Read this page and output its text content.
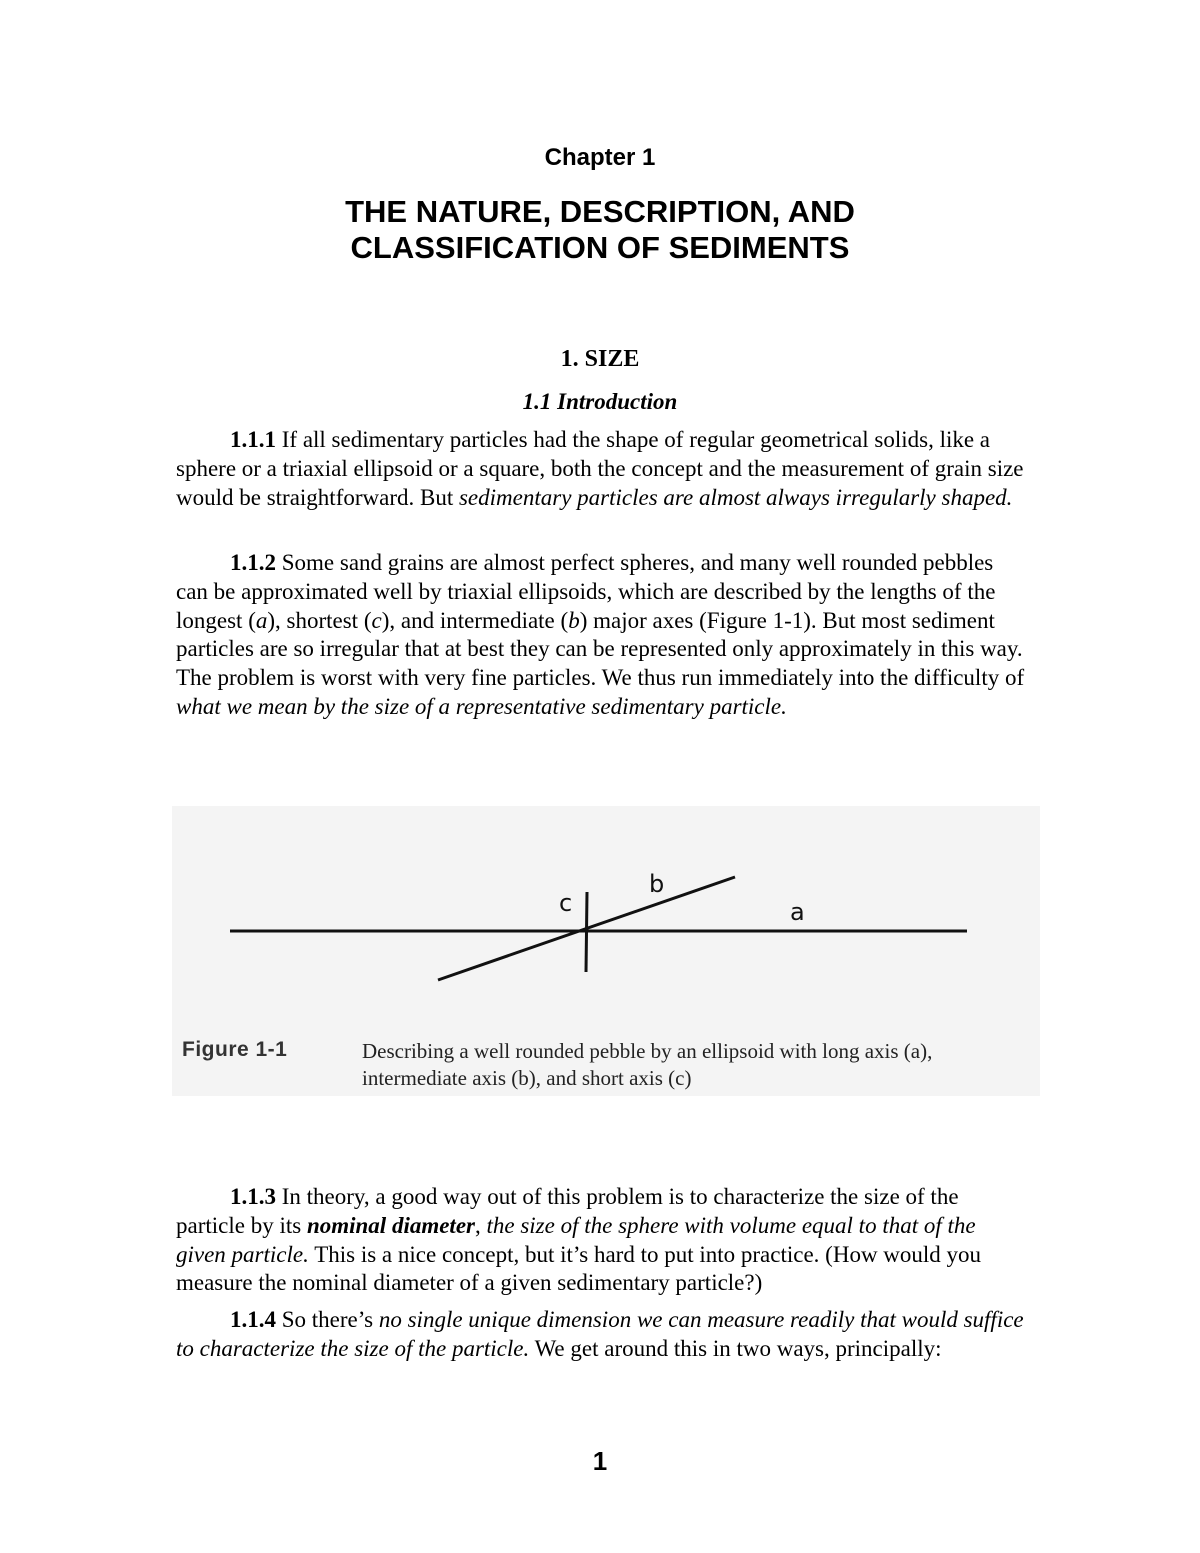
Chapter 1
THE NATURE, DESCRIPTION, AND
CLASSIFICATION OF SEDIMENTS
1. SIZE
1.1 Introduction

1.1.1 If all sedimentary particles had the shape of regular geometrical solids, like a sphere or a triaxial ellipsoid or a square, both the concept and the measurement of grain size would be straightforward. But sedimentary particles are almost always irregularly shaped.

1.1.2 Some sand grains are almost perfect spheres, and many well rounded pebbles can be approximated well by triaxial ellipsoids, which are described by the lengths of the longest (a), shortest (c), and intermediate (b) major axes (Figure 1-1). But most sediment particles are so irregular that at best they can be represented only approximately in this way. The problem is worst with very fine particles. We thus run immediately into the difficulty of what we mean by the size of a representative sedimentary particle.

c
b
a
Figure 1-1	Describing a well rounded pebble by an ellipsoid with long axis (a), intermediate axis (b), and short axis (c)

1.1.3 In theory, a good way out of this problem is to characterize the size of the particle by its nominal diameter, the size of the sphere with volume equal to that of the given particle. This is a nice concept, but it’s hard to put into practice. (How would you measure the nominal diameter of a given sedimentary particle?)

1.1.4 So there’s no single unique dimension we can measure readily that would suffice to characterize the size of the particle. We get around this in two ways, principally:

1
